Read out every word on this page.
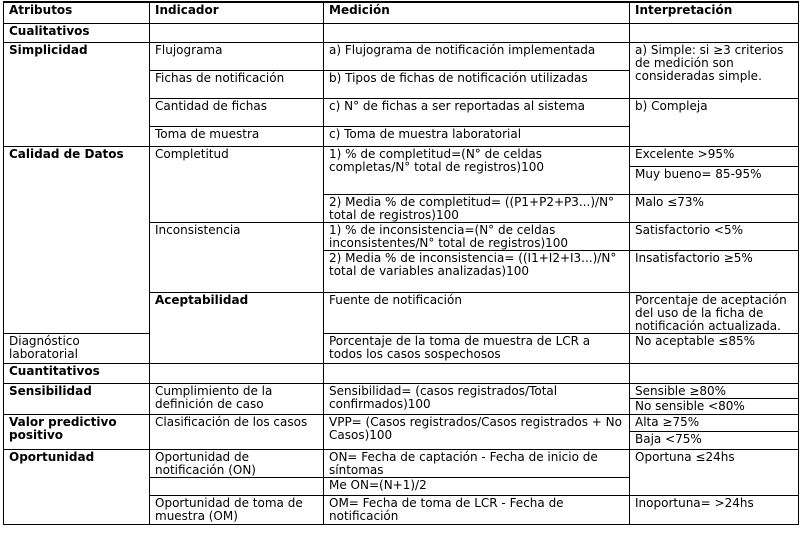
Atributos	Indicador	Medición	Interpretación	
Cualitativos				
Simplicidad	Flujograma	a) Flujograma de notificación implementada	a) Simple: si ≥3 criterios de medición son consideradas simple.	
	Fichas de notificación	b) Tipos de fichas de notificación utilizadas		
	Cantidad de fichas	c) N° de fichas a ser reportadas al sistema	b) Compleja	
	Toma de muestra	c) Toma de muestra laboratorial		
Calidad de Datos	Completitud	1) % de completitud=(N° de celdas completas/N° total de registros)100	Excelente >95%	
			Muy bueno= 85-95%	
		2) Media % de completitud= ((P1+P2+P3...)/N° total de registros)100	Malo ≤73%	
	Inconsistencia	1) % de inconsistencia=(N° de celdas inconsistentes/N° total de registros)100	Satisfactorio <5%	
		2) Media % de inconsistencia= ((I1+I2+I3...)/N° total de variables analizadas)100	Insatisfactorio ≥5%	
	Aceptabilidad	Fuente de notificación	Porcentaje de aceptación del uso de la ficha de notificación actualizada.	
Diagnóstico laboratorial		Porcentaje de la toma de muestra de LCR a todos los casos sospechosos	No aceptable ≤85%	
Cuantitativos				
Sensibilidad	Cumplimiento de la definición de caso	Sensibilidad= (casos registrados/Total confirmados)100	Sensible ≥80%	
			No sensible <80%	
Valor predictivo positivo	Clasificación de los casos	VPP= (Casos registrados/Casos registrados + No Casos)100	Alta ≥75%	
			Baja <75%	
Oportunidad	Oportunidad de notificación (ON)	ON= Fecha de captación - Fecha de inicio de síntomas	Oportuna ≤24hs	
		Me ON=(N+1)/2		
	Oportunidad de toma de muestra (OM)	OM= Fecha de toma de LCR - Fecha de notificación	Inoportuna= >24hs	
